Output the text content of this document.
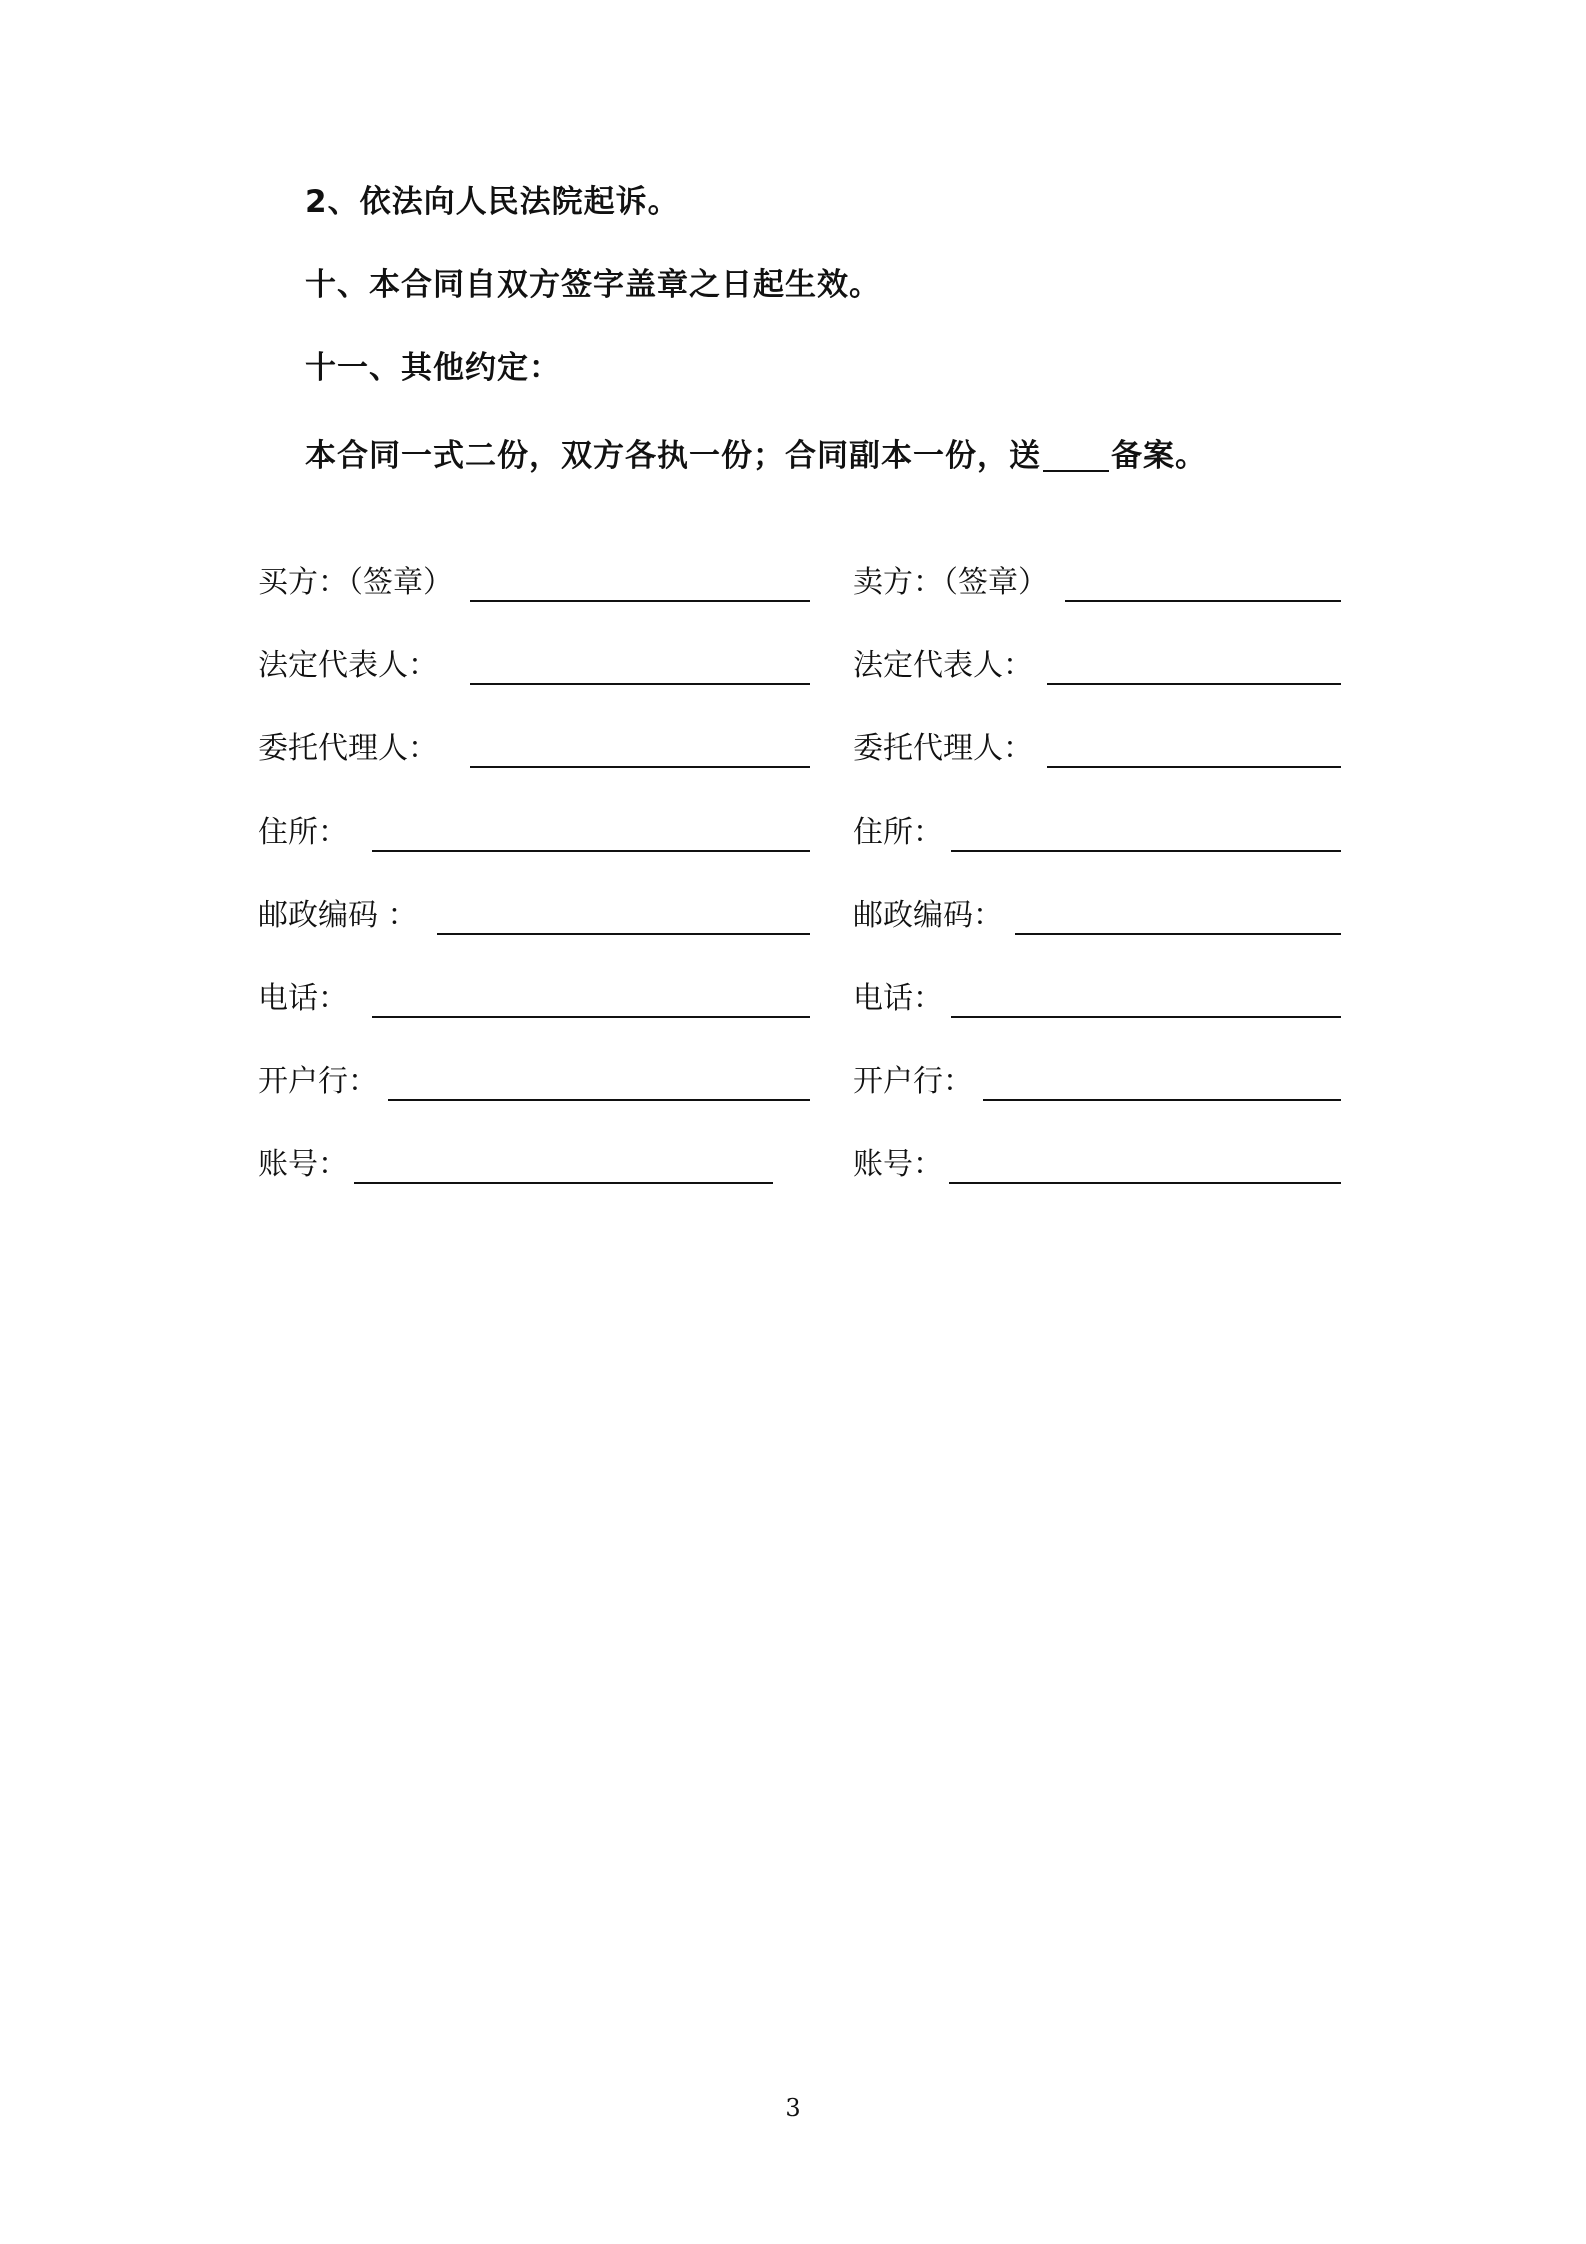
2、依法向人民法院起诉。
十、本合同自双方签字盖章之日起生效。
十一、其他约定：
本合同一式二份，双方各执一份；合同副本一份，送 备案。
买方：（签章）
法定代表人：
委托代理人：
住所：
邮政编码 ：
电话：
开户行：
账号：
卖方：（签章）
法定代表人：
委托代理人：
住所：
邮政编码：
电话：
开户行：
账号：
3
